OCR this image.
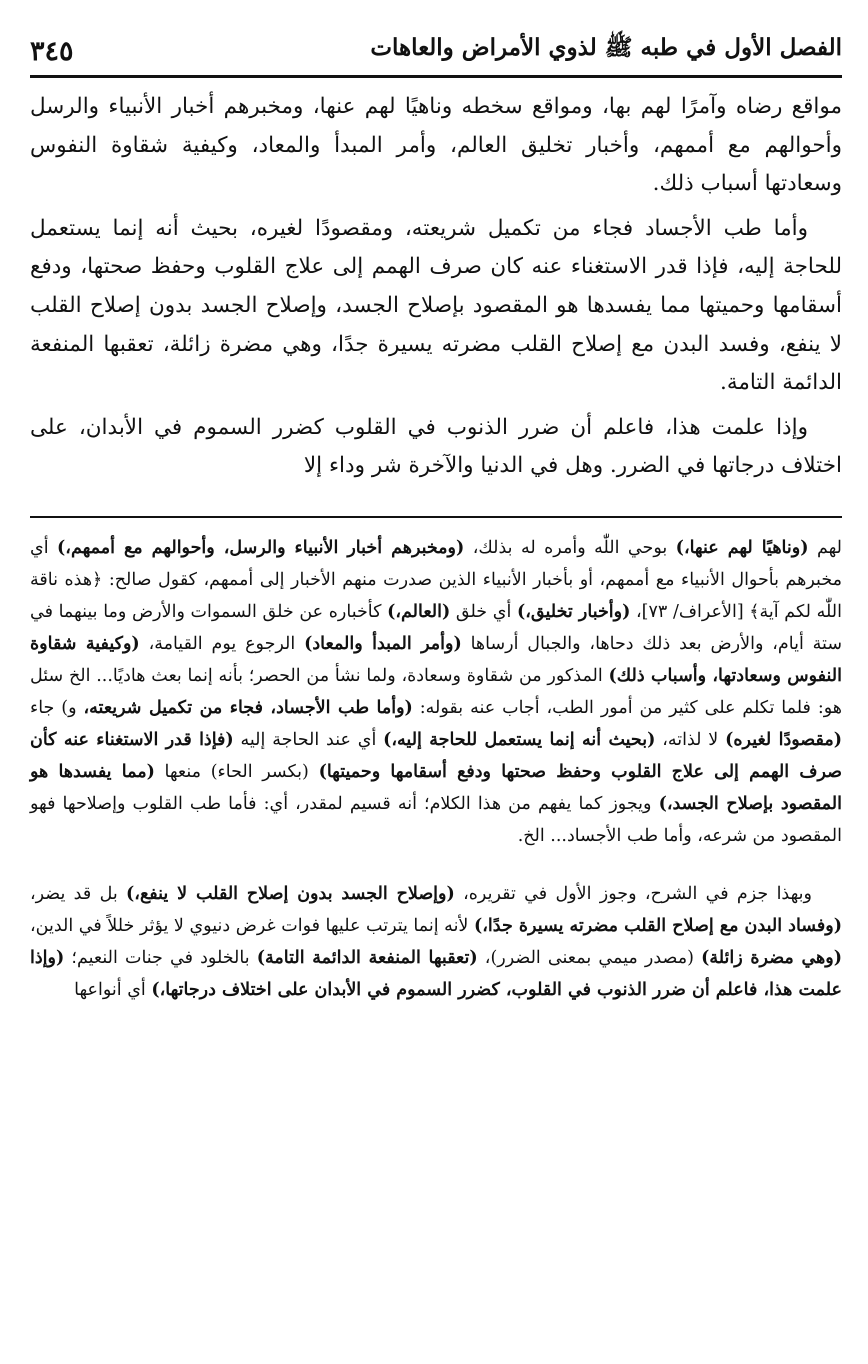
الفصل الأول في طبه ﷺ لذوي الأمراض والعاهات
٣٤٥

مواقع رضاه وآمرًا لهم بها، ومواقع سخطه وناهيًا لهم عنها، ومخبرهم أخبار الأنبياء والرسل وأحوالهم مع أممهم، وأخبار تخليق العالم، وأمر المبدأ والمعاد، وكيفية شقاوة النفوس وسعادتها أسباب ذلك.

وأما طب الأجساد فجاء من تكميل شريعته، ومقصودًا لغيره، بحيث أنه إنما يستعمل للحاجة إليه، فإذا قدر الاستغناء عنه كان صرف الهمم إلى علاج القلوب وحفظ صحتها، ودفع أسقامها وحميتها مما يفسدها هو المقصود بإصلاح الجسد، وإصلاح الجسد بدون إصلاح القلب لا ينفع، وفسد البدن مع إصلاح القلب مضرته يسيرة جدًا، وهي مضرة زائلة، تعقبها المنفعة الدائمة التامة.

وإذا علمت هذا، فاعلم أن ضرر الذنوب في القلوب كضرر السموم في الأبدان، على اختلاف درجاتها في الضرر. وهل في الدنيا والآخرة شر وداء إلا

لهم (وناهيًا لهم عنها،) بوحي اللّٰه وأمره له بذلك، (ومخبرهم أخبار الأنبياء والرسل، وأحوالهم مع أممهم،) أي مخبرهم بأحوال الأنبياء مع أممهم، أو بأخبار الأنبياء الذين صدرت منهم الأخبار إلى أممهم، كقول صالح: ﴿هذه ناقة اللّٰه لكم آية﴾ [الأعراف/ ٧٣]، (وأخبار تخليق،) أي خلق (العالم،) كأخباره عن خلق السموات والأرض وما بينهما في ستة أيام، والأرض بعد ذلك دحاها، والجبال أرساها (وأمر المبدأ والمعاد) الرجوع يوم القيامة، (وكيفية شقاوة النفوس وسعادتها، وأسباب ذلك) المذكور من شقاوة وسعادة، ولما نشأ من الحصر؛ بأنه إنما بعث هاديًا... الخ سئل هو: فلما تكلم على كثير من أمور الطب، أجاب عنه بقوله: (وأما طب الأجساد، فجاء من تكميل شريعته، و) جاء (مقصودًا لغيره) لا لذاته، (بحيث أنه إنما يستعمل للحاجة إليه،) أي عند الحاجة إليه (فإذا قدر الاستغناء عنه كأن صرف الهمم إلى علاج القلوب وحفظ صحتها ودفع أسقامها وحميتها) (بكسر الحاء) منعها (مما يفسدها هو المقصود بإصلاح الجسد،) ويجوز كما يفهم من هذا الكلام؛ أنه قسيم لمقدر، أي: فأما طب القلوب وإصلاحها فهو المقصود من شرعه، وأما طب الأجساد... الخ.

وبهذا جزم في الشرح، وجوز الأول في تقريره، (وإصلاح الجسد بدون إصلاح القلب لا ينفع،) بل قد يضر، (وفساد البدن مع إصلاح القلب مضرته يسيرة جدًا،) لأنه إنما يترتب عليها فوات غرض دنيوي لا يؤثر خللاً في الدين، (وهي مضرة زائلة) (مصدر ميمي بمعنى الضرر)، (تعقبها المنفعة الدائمة التامة) بالخلود في جنات النعيم؛ (وإذا علمت هذا، فاعلم أن ضرر الذنوب في القلوب، كضرر السموم في الأبدان على اختلاف درجاتها،) أي أنواعها
